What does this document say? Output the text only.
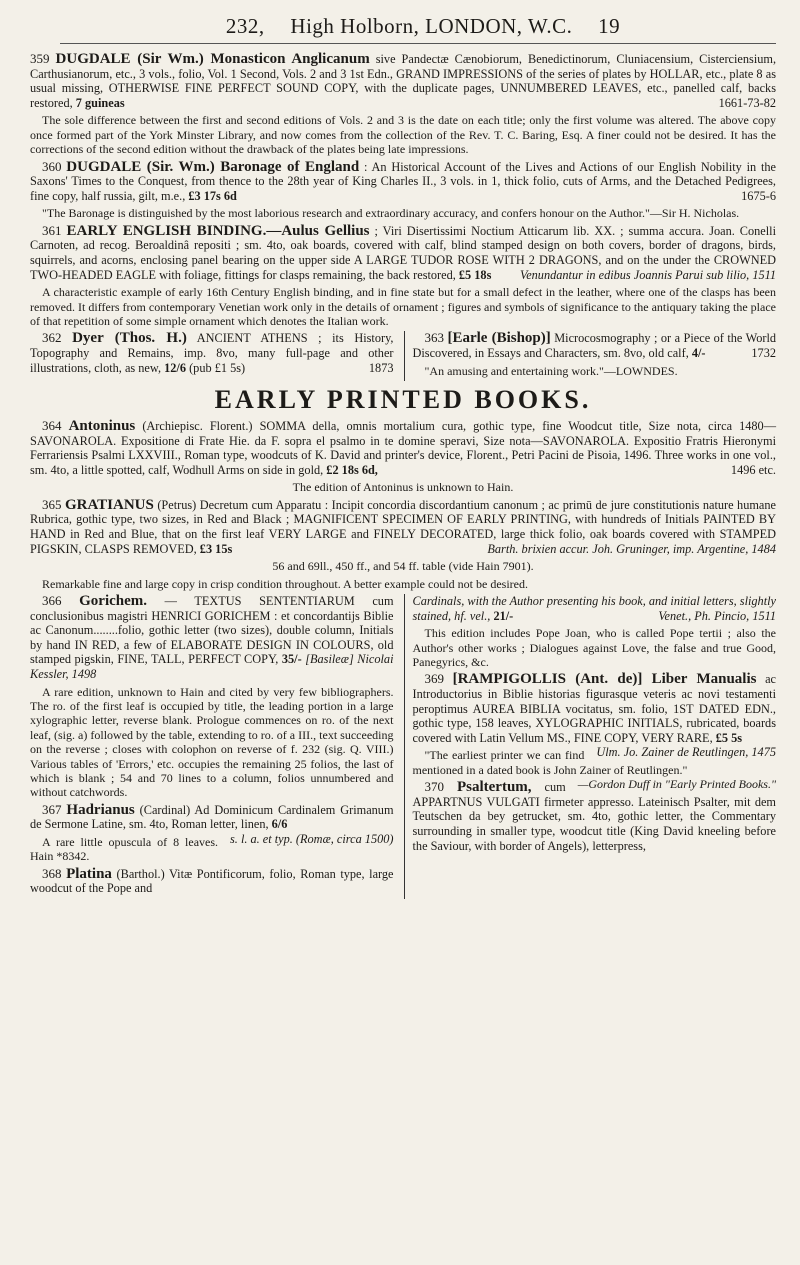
232, High Holborn, LONDON, W.C. 19

359 DUGDALE (Sir Wm.) Monasticon Anglicanum sive Pandectæ Cænobiorum, Benedictinorum, Cluniacensium, Cisterciensium, Carthusianorum, etc., 3 vols., folio, Vol. 1 Second, Vols. 2 and 3 1st Edn., GRAND IMPRESSIONS of the series of plates by HOLLAR, etc., plate 8 as usual missing, OTHERWISE FINE PERFECT SOUND COPY, with the duplicate pages, UNNUMBERED LEAVES, etc., panelled calf, backs restored, 7 guineas	1661-73-82

The sole difference between the first and second editions of Vols. 2 and 3 is the date on each title; only the first volume was altered. The above copy once formed part of the York Minster Library, and now comes from the collection of the Rev. T. C. Baring, Esq. A finer could not be desired. It has the corrections of the second edition without the drawback of the plates being late impressions.

360 DUGDALE (Sir. Wm.) Baronage of England : An Historical Account of the Lives and Actions of our English Nobility in the Saxons' Times to the Conquest, from thence to the 28th year of King Charles II., 3 vols. in 1, thick folio, cuts of Arms, and the Detached Pedigrees, fine copy, half russia, gilt, m.e., £3 17s 6d	1675-6

"The Baronage is distinguished by the most laborious research and extraordinary accuracy, and confers honour on the Author."—Sir H. Nicholas.

361 EARLY ENGLISH BINDING.—Aulus Gellius ; Viri Disertissimi Noctium Atticarum lib. XX. ; summa accura. Joan. Conelli Carnoten, ad recog. Beroaldinâ repositi ; sm. 4to, oak boards, covered with calf, blind stamped design on both covers, border of dragons, birds, squirrels, and acorns, enclosing panel bearing on the upper side A LARGE TUDOR ROSE WITH 2 DRAGONS, and on the under the CROWNED TWO-HEADED EAGLE with foliage, fittings for clasps remaining, the back restored, £5 18s	Venundantur in edibus Joannis Parui sub lilio, 1511

A characteristic example of early 16th Century English binding, and in fine state but for a small defect in the leather, where one of the clasps has been removed. It differs from contemporary Venetian work only in the details of ornament ; figures and symbols of significance to the antiquary taking the place of that repetition of some simple ornament which denotes the Italian work.

362 Dyer (Thos. H.) ANCIENT ATHENS ; its History, Topography and Remains, imp. 8vo, many full-page and other illustrations, cloth, as new, 12/6 (pub £1 5s)	1873

363 [Earle (Bishop)] Microcosmography ; or a Piece of the World Discovered, in Essays and Characters, sm. 8vo, old calf, 4/-	1732

"An amusing and entertaining work."—LOWNDES.

EARLY PRINTED BOOKS.

364 Antoninus (Archiepisc. Florent.) SOMMA della, omnis mortalium cura, gothic type, fine Woodcut title, Size nota, circa 1480—SAVONAROLA. Expositione di Frate Hie. da F. sopra el psalmo in te domine speravi, Size nota—SAVONAROLA. Expositio Fratris Hieronymi Ferrariensis Psalmi LXXVIII., Roman type, woodcuts of K. David and printer's device, Florent., Petri Pacini de Pisoia, 1496. Three works in one vol., sm. 4to, a little spotted, calf, Wodhull Arms on side in gold, £2 18s 6d,	1496 etc.

The edition of Antoninus is unknown to Hain.

365 GRATIANUS (Petrus) Decretum cum Apparatu : Incipit concordia discordantium canonum ; ac primū de jure constitutionis nature humane Rubrica, gothic type, two sizes, in Red and Black ; MAGNIFICENT SPECIMEN OF EARLY PRINTING, with hundreds of Initials PAINTED BY HAND in Red and Blue, that on the first leaf VERY LARGE and FINELY DECORATED, large thick folio, oak boards covered with STAMPED PIGSKIN, CLASPS REMOVED, £3 15s	Barth. brixien accur. Joh. Gruninger, imp. Argentine, 1484

56 and 69ll., 450 ff., and 54 ff. table (vide Hain 7901).

Remarkable fine and large copy in crisp condition throughout. A better example could not be desired.

366 Gorichem. — TEXTUS SENTENTIARUM cum conclusionibus magistri HENRICI GORICHEM : et concordantijs Biblie ac Canonum........folio, gothic letter (two sizes), double column, Initials by hand IN RED, a few of ELABORATE DESIGN IN COLOURS, old stamped pigskin, FINE, TALL, PERFECT COPY, 35/- [Basileæ] Nicolai Kessler, 1498

A rare edition, unknown to Hain and cited by very few bibliographers. The ro. of the first leaf is occupied by title, the leading portion in a large xylographic letter, reverse blank. Prologue commences on ro. of the next leaf, (sig. a) followed by the table, extending to ro. of a III., text succeeding on the reverse ; closes with colophon on reverse of f. 232 (sig. Q. VIII.) Various tables of 'Errors,' etc. occupies the remaining 25 folios, the last of which is blank ; 54 and 70 lines to a column, folios unnumbered and without catchwords.

367 Hadrianus (Cardinal) Ad Dominicum Cardinalem Grimanum de Sermone Latine, sm. 4to, Roman letter, linen, 6/6
s. l. a. et typ. (Romæ, circa 1500)

A rare little opuscula of 8 leaves. Hain *8342.

368 Platina (Barthol.) Vitæ Pontificorum, folio, Roman type, large woodcut of the Pope and

Cardinals, with the Author presenting his book, and initial letters, slightly stained, hf. vel., 21/-	Venet., Ph. Pincio, 1511

This edition includes Pope Joan, who is called Pope tertii ; also the Author's other works ; Dialogues against Love, the false and true Good, Panegyrics, &c.

369 [RAMPIGOLLIS (Ant. de)] Liber Manualis ac Introductorius in Biblie historias figurasque veteris ac novi testamenti peroptimus AUREA BIBLIA vocitatus, sm. folio, 1ST DATED EDN., gothic type, 158 leaves, XYLOGRAPHIC INITIALS, rubricated, boards covered with Latin Vellum MS., FINE COPY, VERY RARE, £5 5s
Ulm. Jo. Zainer de Reutlingen, 1475

"The earliest printer we can find mentioned in a dated book is John Zainer of Reutlingen."
—Gordon Duff in "Early Printed Books."

370 Psaltertum, cum APPARTNUS VULGATI firmeter appresso. Lateinisch Psalter, mit dem Teutschen da bey getrucket, sm. 4to, gothic letter, the Commentary surrounding in smaller type, woodcut title (King David kneeling before the Saviour, with border of Angels), letterpress,
